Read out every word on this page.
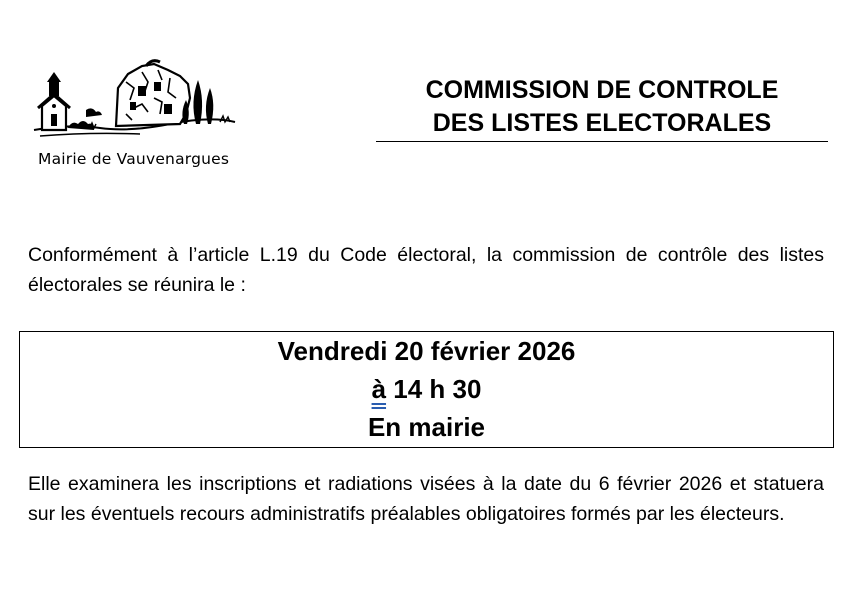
Mairie de Vauvenargues
COMMISSION DE CONTROLE
DES LISTES ELECTORALES
Conformément à l’article L.19 du Code électoral, la commission de contrôle des listes électorales se réunira le :
Vendredi 20 février 2026
à 14 h 30
En mairie
Elle examinera les inscriptions et radiations visées à la date du 6 février 2026 et statuera sur les éventuels recours administratifs préalables obligatoires formés par les électeurs.
